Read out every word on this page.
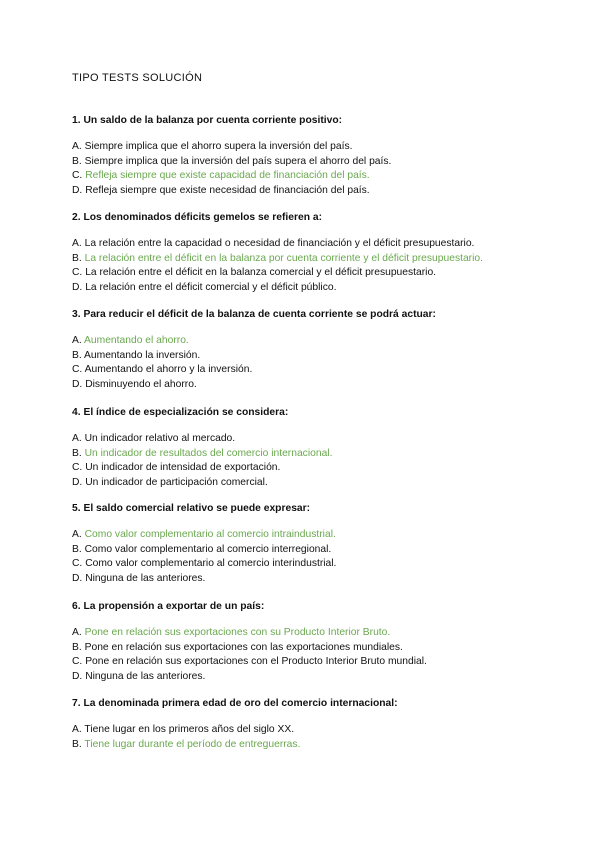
TIPO TESTS SOLUCIÓN
1. Un saldo de la balanza por cuenta corriente positivo:
A. Siempre implica que el ahorro supera la inversión del país.
B. Siempre implica que la inversión del país supera el ahorro del país.
C. Refleja siempre que existe capacidad de financiación del país.
D. Refleja siempre que existe necesidad de financiación del país.
2. Los denominados déficits gemelos se refieren a:
A. La relación entre la capacidad o necesidad de financiación y el déficit presupuestario.
B. La relación entre el déficit en la balanza por cuenta corriente y el déficit presupuestario.
C. La relación entre el déficit en la balanza comercial y el déficit presupuestario.
D. La relación entre el déficit comercial y el déficit público.
3. Para reducir el déficit de la balanza de cuenta corriente se podrá actuar:
A. Aumentando el ahorro.
B. Aumentando la inversión.
C. Aumentando el ahorro y la inversión.
D. Disminuyendo el ahorro.
4. El índice de especialización se considera:
A. Un indicador relativo al mercado.
B. Un indicador de resultados del comercio internacional.
C. Un indicador de intensidad de exportación.
D. Un indicador de participación comercial.
5. El saldo comercial relativo se puede expresar:
A. Como valor complementario al comercio intraindustrial.
B. Como valor complementario al comercio interregional.
C. Como valor complementario al comercio interindustrial.
D. Ninguna de las anteriores.
6. La propensión a exportar de un país:
A. Pone en relación sus exportaciones con su Producto Interior Bruto.
B. Pone en relación sus exportaciones con las exportaciones mundiales.
C. Pone en relación sus exportaciones con el Producto Interior Bruto mundial.
D. Ninguna de las anteriores.
7. La denominada primera edad de oro del comercio internacional:
A. Tiene lugar en los primeros años del siglo XX.
B. Tiene lugar durante el período de entreguerras.
